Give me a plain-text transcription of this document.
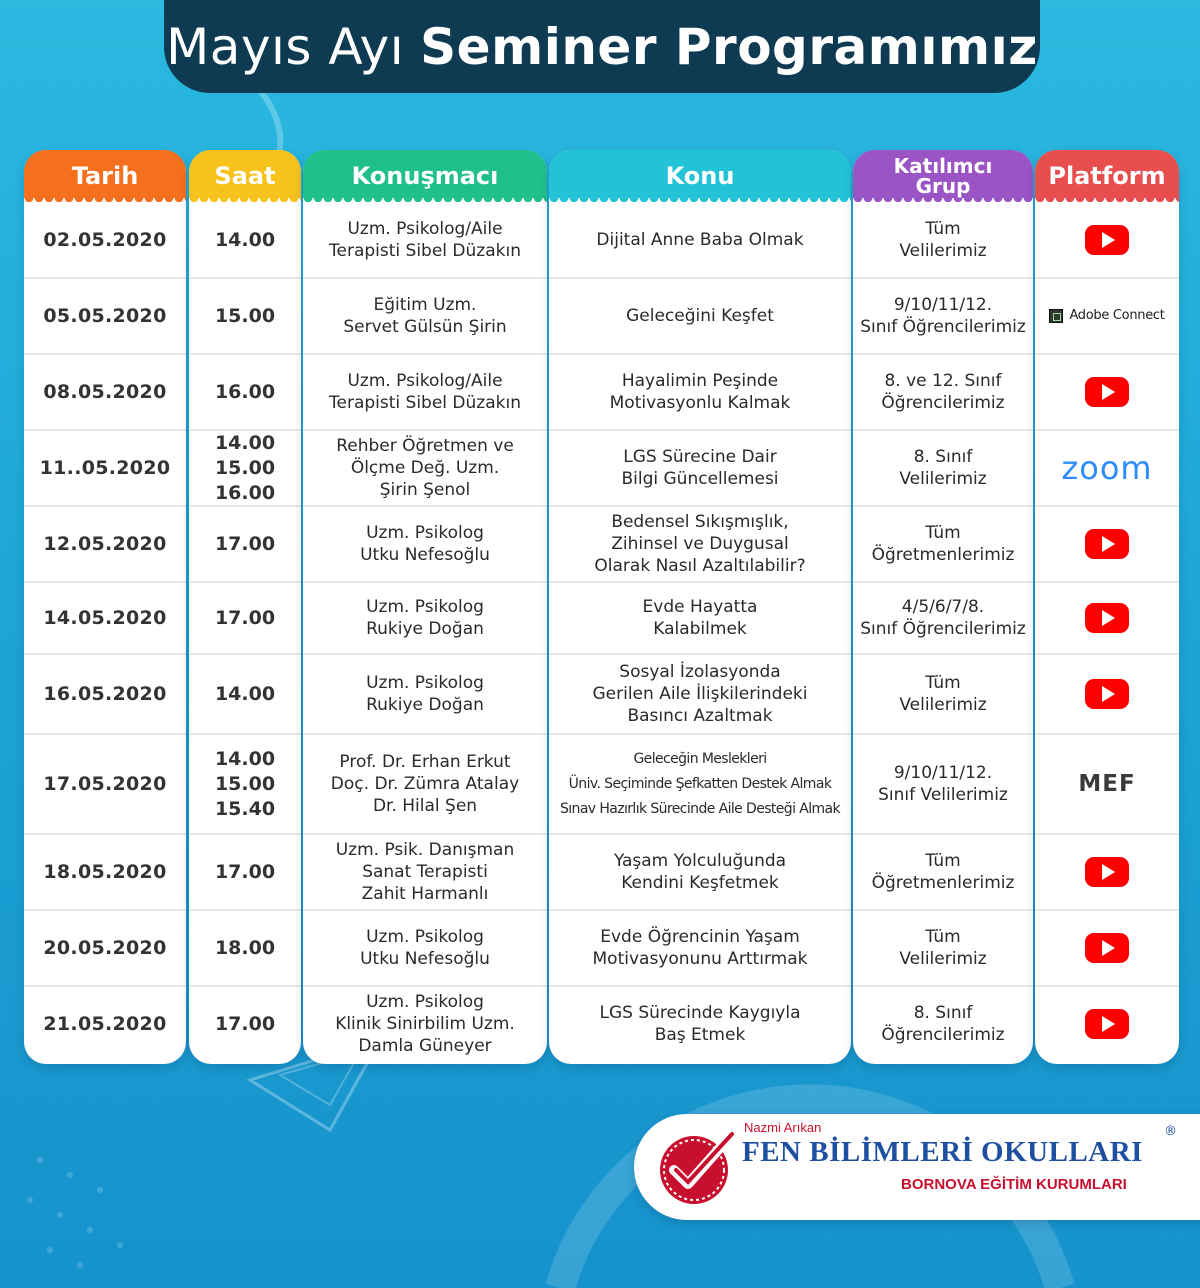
Mayıs Ayı Seminer Programımız
Tarih
02.05.2020
05.05.2020
08.05.2020
11..05.2020
12.05.2020
14.05.2020
16.05.2020
17.05.2020
18.05.2020
20.05.2020
21.05.2020
Saat
14.00
15.00
16.00
14.00
15.00
16.00
17.00
17.00
14.00
14.00
15.00
15.40
17.00
18.00
17.00
Konuşmacı
Uzm. Psikolog/Aile
Terapisti Sibel Düzakın
Eğitim Uzm.
Servet Gülsün Şirin
Uzm. Psikolog/Aile
Terapisti Sibel Düzakın
Rehber Öğretmen ve
Ölçme Değ. Uzm.
Şirin Şenol
Uzm. Psikolog
Utku Nefesoğlu
Uzm. Psikolog
Rukiye Doğan
Uzm. Psikolog
Rukiye Doğan
Prof. Dr. Erhan Erkut
Doç. Dr. Zümra Atalay
Dr. Hilal Şen
Uzm. Psik. Danışman
Sanat Terapisti
Zahit Harmanlı
Uzm. Psikolog
Utku Nefesoğlu
Uzm. Psikolog
Klinik Sinirbilim Uzm.
Damla Güneyer
Konu
Dijital Anne Baba Olmak
Geleceğini Keşfet
Hayalimin Peşinde
Motivasyonlu Kalmak
LGS Sürecine Dair
Bilgi Güncellemesi
Bedensel Sıkışmışlık,
Zihinsel ve Duygusal
Olarak Nasıl Azaltılabilir?
Evde Hayatta
Kalabilmek
Sosyal İzolasyonda
Gerilen Aile İlişkilerindeki
Basıncı Azaltmak
Geleceğin Meslekleri
Üniv. Seçiminde Şefkatten Destek Almak
Sınav Hazırlık Sürecinde Aile Desteği Almak
Yaşam Yolculuğunda
Kendini Keşfetmek
Evde Öğrencinin Yaşam
Motivasyonunu Arttırmak
LGS Sürecinde Kaygıyla
Baş Etmek
Katılımcı
Grup
Tüm
Velilerimiz
9/10/11/12.
Sınıf Öğrencilerimiz
8. ve 12. Sınıf
Öğrencilerimiz
8. Sınıf
Velilerimiz
Tüm
Öğretmenlerimiz
4/5/6/7/8.
Sınıf Öğrencilerimiz
Tüm
Velilerimiz
9/10/11/12.
Sınıf Velilerimiz
Tüm
Öğretmenlerimiz
Tüm
Velilerimiz
8. Sınıf
Öğrencilerimiz
Platform
Adobe Connect
zoom
MEF
Nazmi Arıkan
FEN BİLİMLERİ OKULLARI
BORNOVA EĞİTİM KURUMLARI
®
